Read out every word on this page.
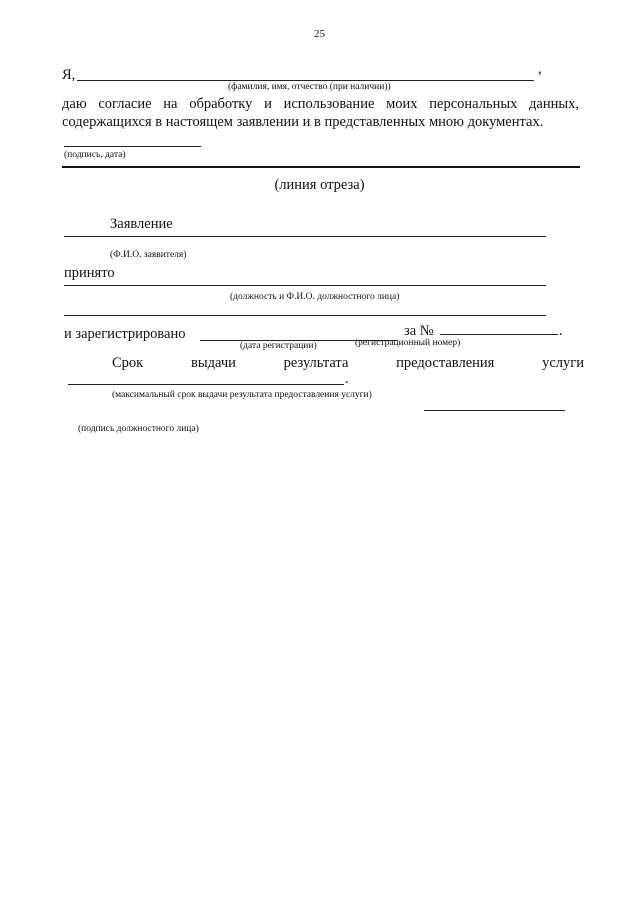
25
Я,	,
(фамилия, имя, отчество (при наличии))
даю согласие на обработку и использование моих персональных данных, содержащихся в настоящем заявлении и в представленных мною документах.
(подпись, дата)
(линия отреза)
Заявление
(Ф.И.О. заявителя)
принято
(должность и Ф.И.О. должностного лица)
и зарегистрировано	за №	.
(дата регистрации)	(регистрационный номер)
Срок	выдачи	результата	предоставления	услуги
.
(максимальный срок выдачи результата предоставления услуги)
(подпись должностного лица)
